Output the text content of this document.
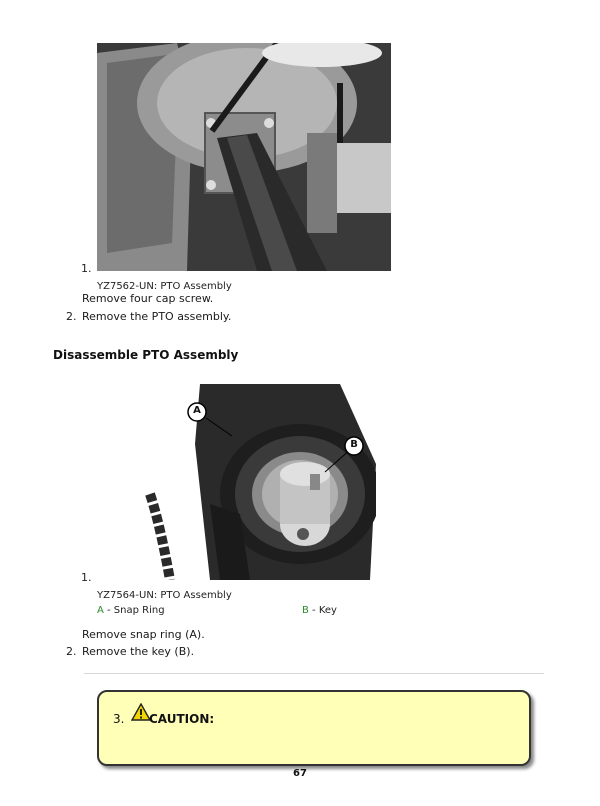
1.
YZ7562-UN: PTO Assembly
Remove four cap screw.
2. Remove the PTO assembly.
Disassemble PTO Assembly
A
B
1.
YZ7564-UN: PTO Assembly
A - Snap Ring	B - Key
Remove snap ring (A).
2. Remove the key (B).
3. CAUTION:
67
